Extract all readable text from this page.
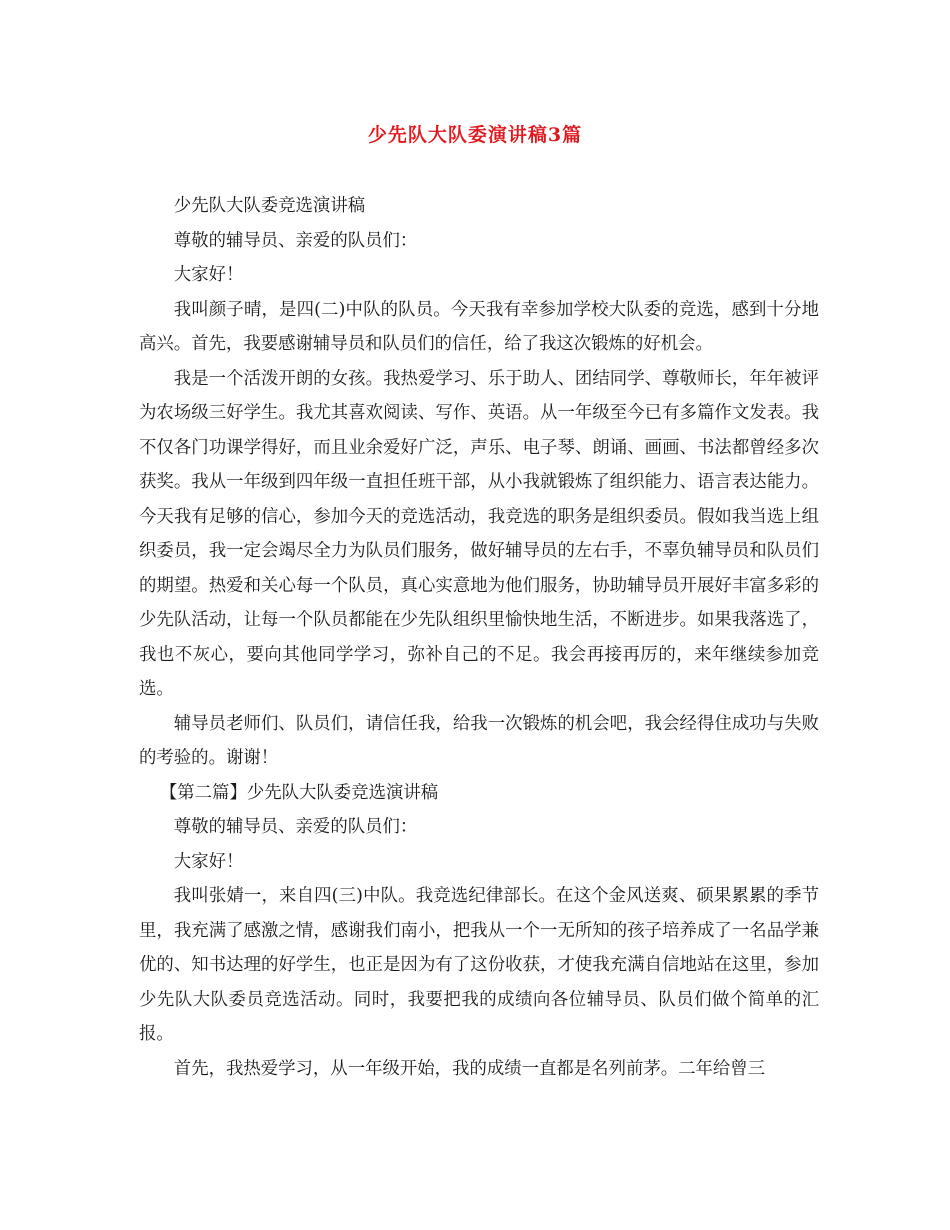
少先队大队委演讲稿3篇

少先队大队委竞选演讲稿

尊敬的辅导员、亲爱的队员们：

大家好！

我叫颜子晴，是四(二)中队的队员。今天我有幸参加学校大队委的竞选，感到十分地高兴。首先，我要感谢辅导员和队员们的信任，给了我这次锻炼的好机会。

我是一个活泼开朗的女孩。我热爱学习、乐于助人、团结同学、尊敬师长，年年被评为农场级三好学生。我尤其喜欢阅读、写作、英语。从一年级至今已有多篇作文发表。我不仅各门功课学得好，而且业余爱好广泛，声乐、电子琴、朗诵、画画、书法都曾经多次获奖。我从一年级到四年级一直担任班干部，从小我就锻炼了组织能力、语言表达能力。今天我有足够的信心，参加今天的竞选活动，我竞选的职务是组织委员。假如我当选上组织委员，我一定会竭尽全力为队员们服务，做好辅导员的左右手，不辜负辅导员和队员们的期望。热爱和关心每一个队员，真心实意地为他们服务，协助辅导员开展好丰富多彩的少先队活动，让每一个队员都能在少先队组织里愉快地生活，不断进步。如果我落选了，我也不灰心，要向其他同学学习，弥补自己的不足。我会再接再厉的，来年继续参加竞选。

辅导员老师们、队员们，请信任我，给我一次锻炼的机会吧，我会经得住成功与失败的考验的。谢谢！

【第二篇】少先队大队委竞选演讲稿

尊敬的辅导员、亲爱的队员们：

大家好！

我叫张婧一，来自四(三)中队。我竞选纪律部长。在这个金风送爽、硕果累累的季节里，我充满了感激之情，感谢我们南小，把我从一个一无所知的孩子培养成了一名品学兼优的、知书达理的好学生，也正是因为有了这份收获，才使我充满自信地站在这里，参加少先队大队委员竞选活动。同时，我要把我的成绩向各位辅导员、队员们做个简单的汇报。

首先，我热爱学习，从一年级开始，我的成绩一直都是名列前茅。二年给曾三
